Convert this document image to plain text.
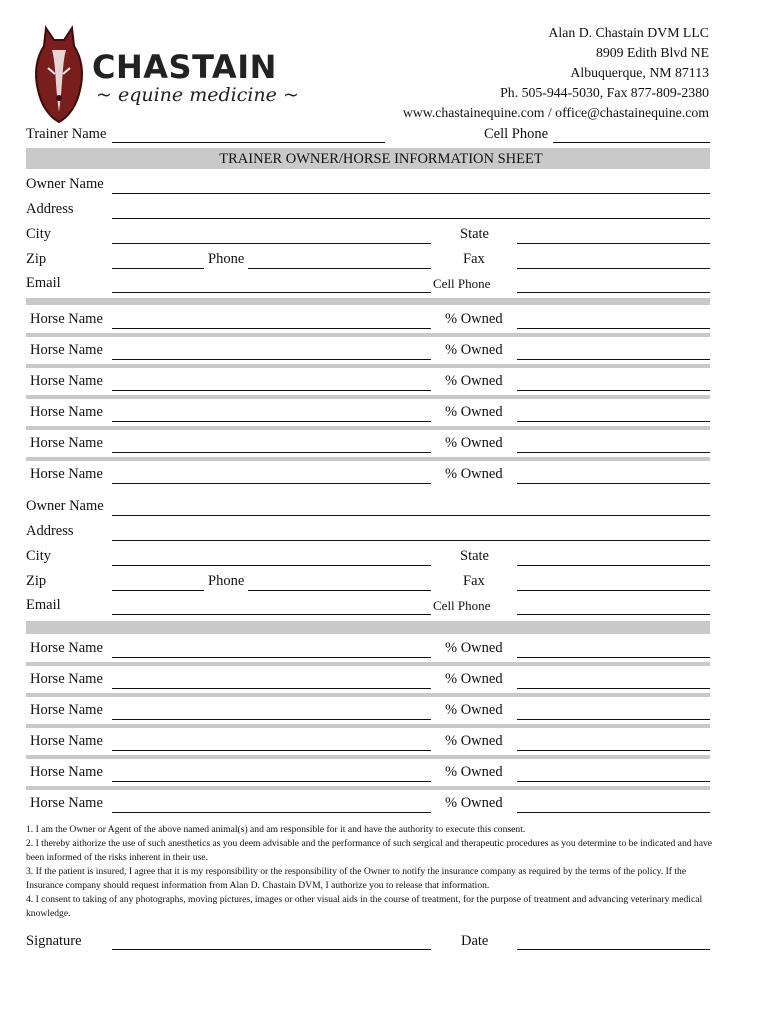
CHASTAIN
~ equine medicine ~
Alan D. Chastain DVM LLC
8909 Edith Blvd NE
Albuquerque, NM 87113
Ph. 505-944-5030, Fax 877-809-2380
www.chastainequine.com / office@chastainequine.com
Trainer Name	Cell Phone
TRAINER OWNER/HORSE INFORMATION SHEET
Owner Name
Address
City	State
Zip	Phone	Fax
Email	Cell Phone
Horse Name	% Owned
Horse Name	% Owned
Horse Name	% Owned
Horse Name	% Owned
Horse Name	% Owned
Horse Name	% Owned
Owner Name
Address
City	State
Zip	Phone	Fax
Email	Cell Phone
Horse Name	% Owned
Horse Name	% Owned
Horse Name	% Owned
Horse Name	% Owned
Horse Name	% Owned
Horse Name	% Owned
1. I am the Owner or Agent of the above named animal(s) and am responsible for it and have the authority to execute this consent.
2. I thereby aithorize the use of such anesthetics as you deem advisable and the performance of such sergical and therapeutic procedures as you determine to be indicated and have been informed of the risks inherent in their use.
3. If the patient is insured, I agree that it is my responsibility or the responsibility of the Owner to notify the insurance company as required by the terms of the policy. If the Insurance company should request information from Alan D. Chastain DVM, I authorize you to release that information.
4. I consent to taking of any photographs, moving pictures, images or other visual aids in the course of treatment, for the purpose of treatment and advancing veterinary medical knowledge.
Signature	Date
